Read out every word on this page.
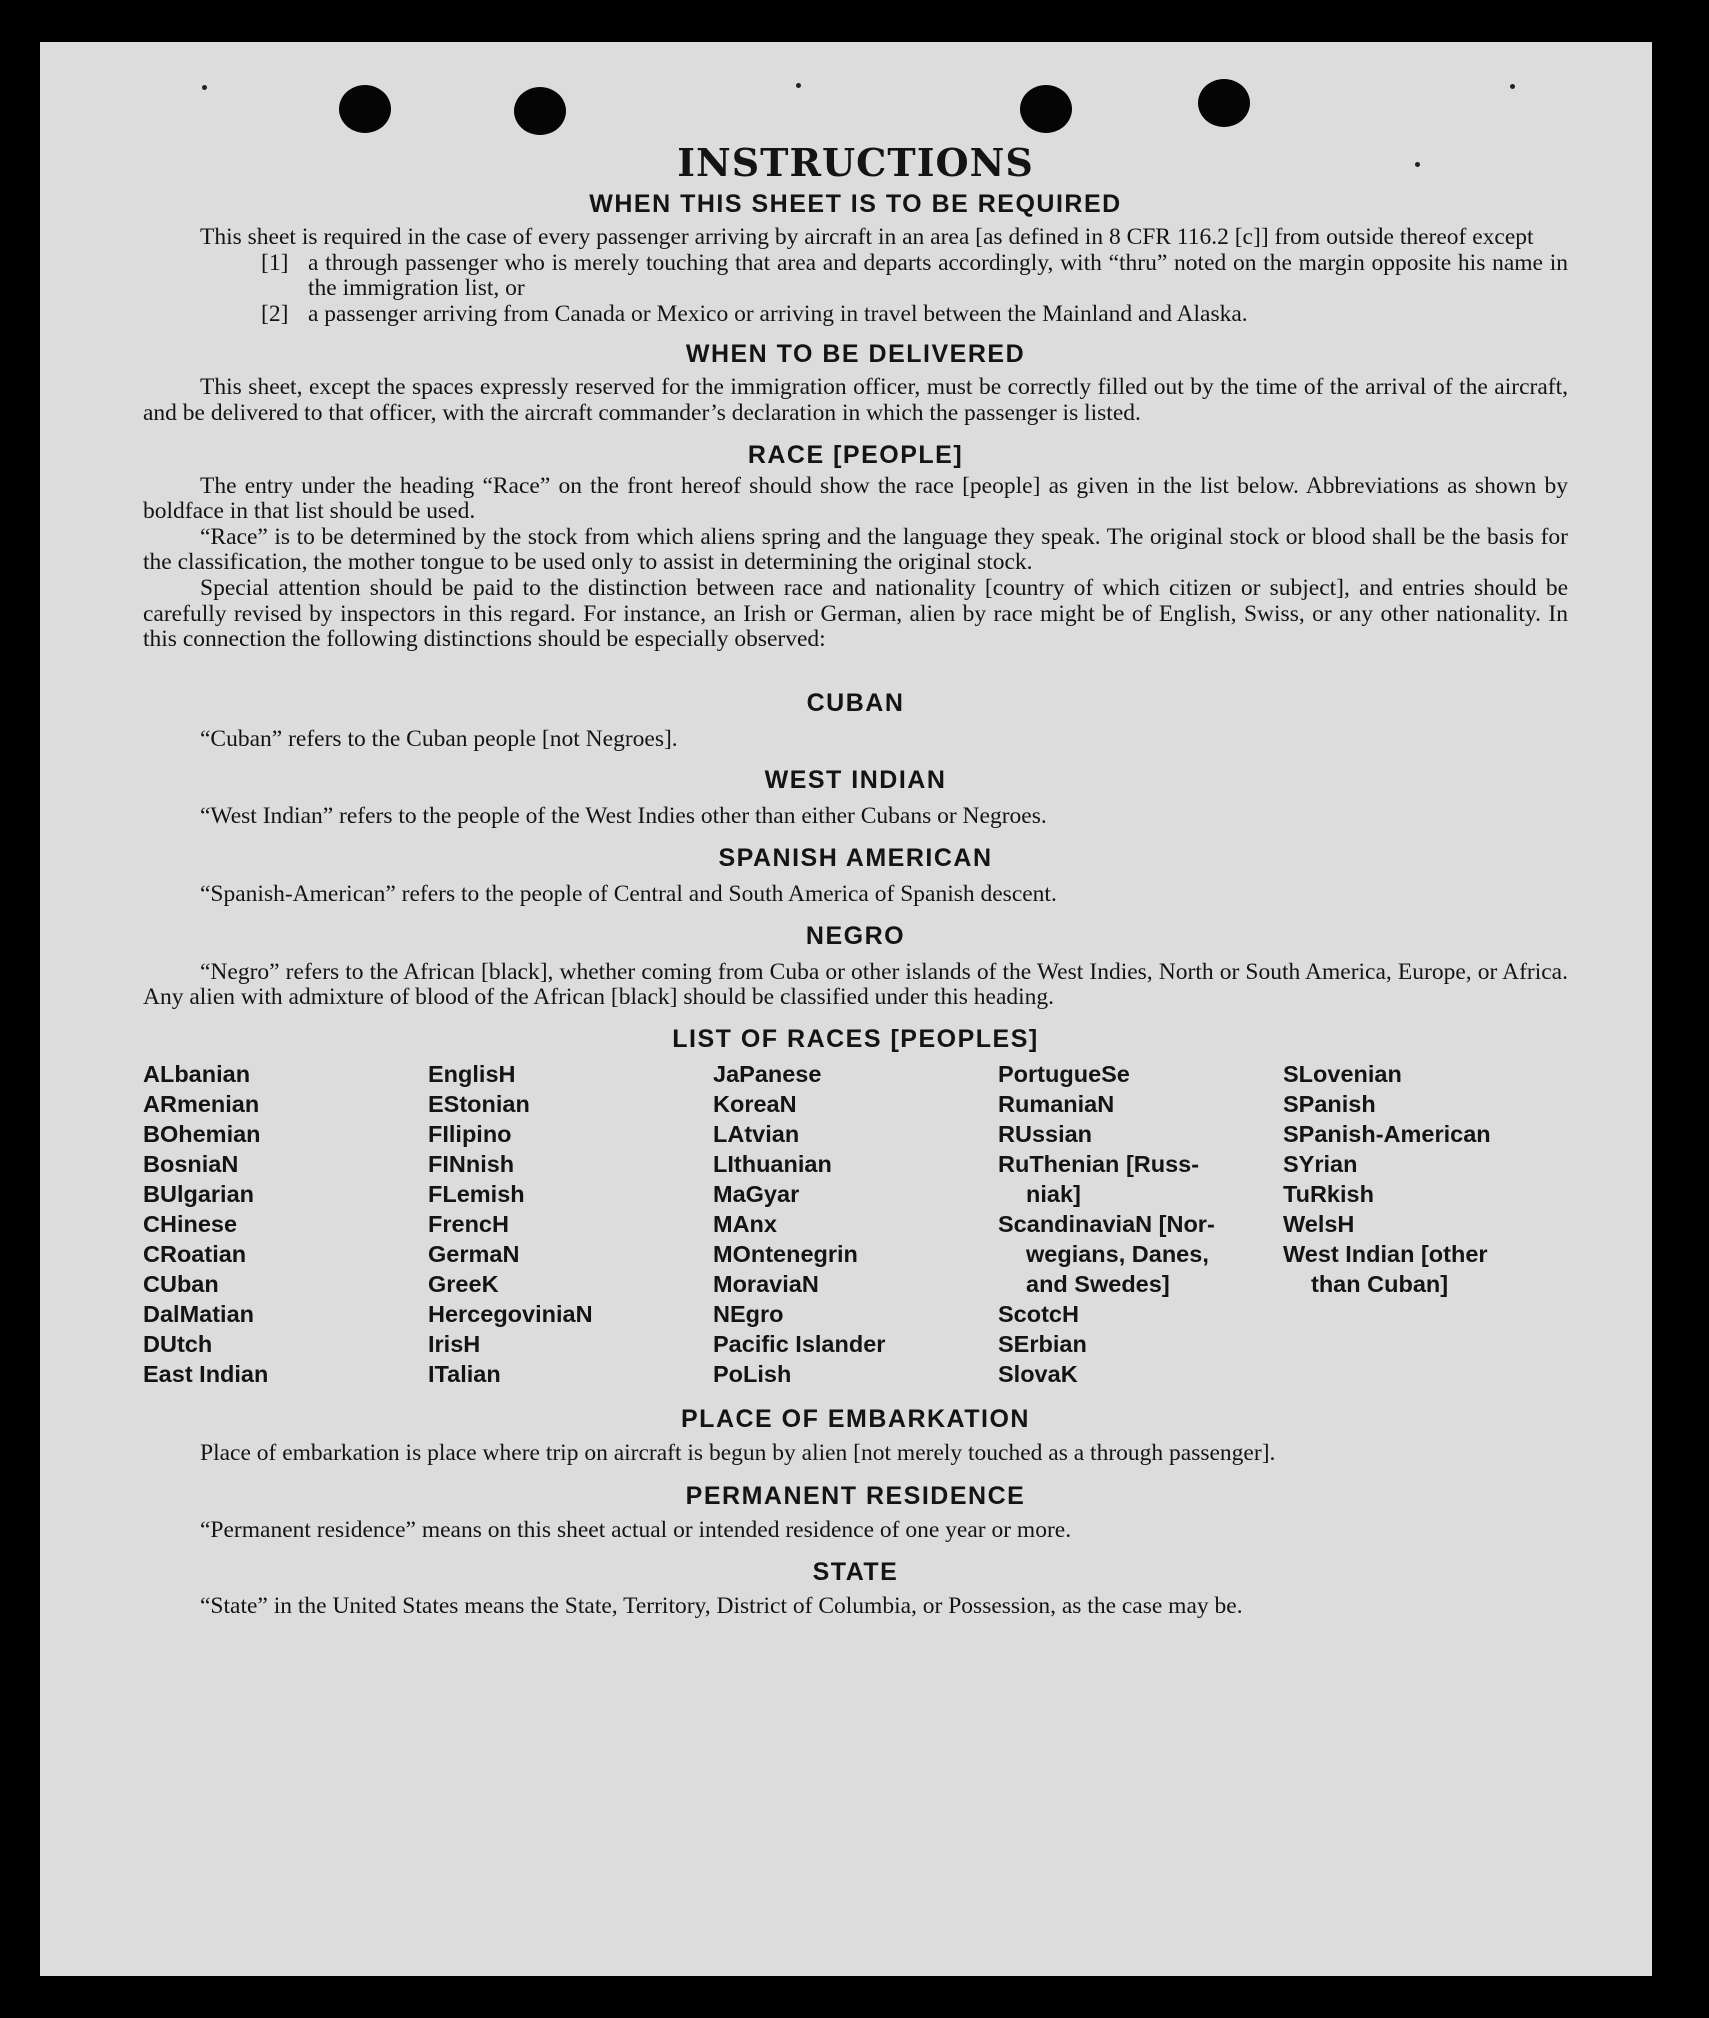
INSTRUCTIONS
WHEN THIS SHEET IS TO BE REQUIRED

This sheet is required in the case of every passenger arriving by aircraft in an area [as defined in 8 CFR 116.2 [c]] from outside thereof except

[1] a through passenger who is merely touching that area and departs accordingly, with “thru” noted on the margin opposite his name in the immigration list, or
[2] a passenger arriving from Canada or Mexico or arriving in travel between the Mainland and Alaska.
WHEN TO BE DELIVERED

This sheet, except the spaces expressly reserved for the immigration officer, must be correctly filled out by the time of the arrival of the aircraft, and be delivered to that officer, with the aircraft commander’s declaration in which the passenger is listed.

RACE [PEOPLE]

The entry under the heading “Race” on the front hereof should show the race [people] as given in the list below. Abbreviations as shown by boldface in that list should be used.

“Race” is to be determined by the stock from which aliens spring and the language they speak. The original stock or blood shall be the basis for the classification, the mother tongue to be used only to assist in determining the original stock.

Special attention should be paid to the distinction between race and nationality [country of which citizen or subject], and entries should be carefully revised by inspectors in this regard. For instance, an Irish or German, alien by race might be of English, Swiss, or any other nationality. In this connection the following distinctions should be especially observed:

CUBAN

“Cuban” refers to the Cuban people [not Negroes].

WEST INDIAN

“West Indian” refers to the people of the West Indies other than either Cubans or Negroes.

SPANISH AMERICAN

“Spanish-American” refers to the people of Central and South America of Spanish descent.

NEGRO

“Negro” refers to the African [black], whether coming from Cuba or other islands of the West Indies, North or South America, Europe, or Africa. Any alien with admixture of blood of the African [black] should be classified under this heading.

LIST OF RACES [PEOPLES]
ALbanian
ARmenian
BOhemian
BosniaN
BUlgarian
CHinese
CRoatian
CUban
DalMatian
DUtch
East Indian
EnglisH
EStonian
FIlipino
FINnish
FLemish
FrencH
GermaN
GreeK
HercegoviniaN
IrisH
ITalian
JaPanese
KoreaN
LAtvian
LIthuanian
MaGyar
MAnx
MOntenegrin
MoraviaN
NEgro
Pacific Islander
PoLish
PortugueSe
RumaniaN
RUssian
RuThenian [Russ-
niak]
ScandinaviaN [Nor-
wegians, Danes,
and Swedes]
ScotcH
SErbian
SlovaK
SLovenian
SPanish
SPanish-American
SYrian
TuRkish
WelsH
West Indian [other
than Cuban]
PLACE OF EMBARKATION

Place of embarkation is place where trip on aircraft is begun by alien [not merely touched as a through passenger].

PERMANENT RESIDENCE

“Permanent residence” means on this sheet actual or intended residence of one year or more.

STATE

“State” in the United States means the State, Territory, District of Columbia, or Possession, as the case may be.
